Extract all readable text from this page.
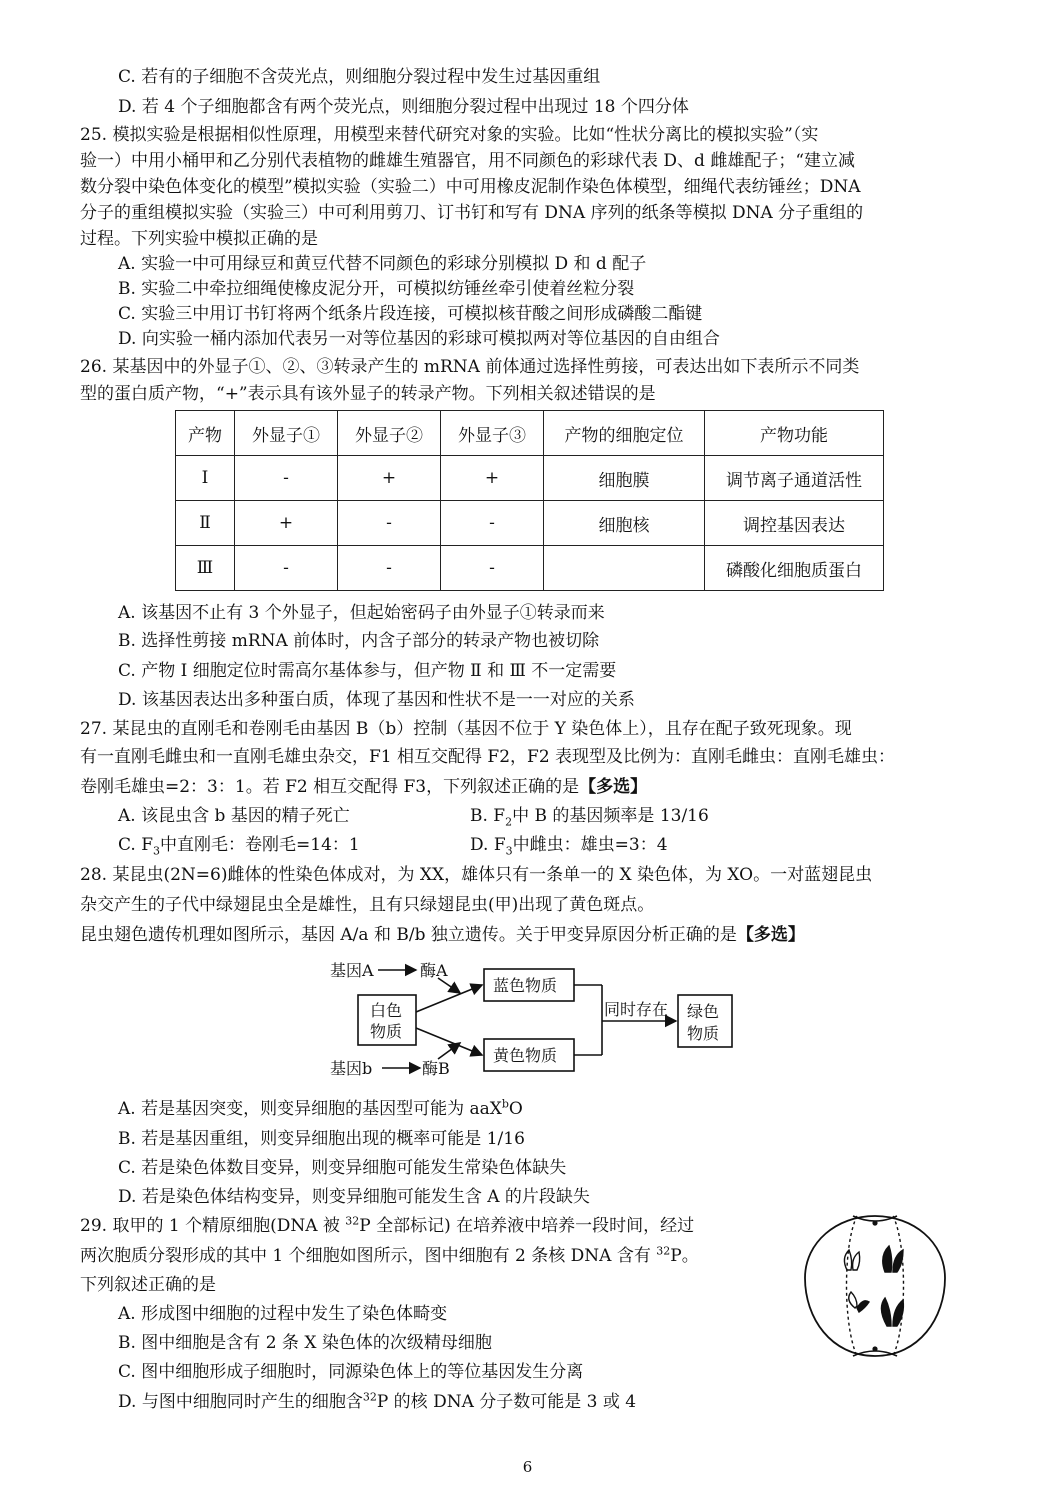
C. 若有的子细胞不含荧光点，则细胞分裂过程中发生过基因重组
D. 若 4 个子细胞都含有两个荧光点，则细胞分裂过程中出现过 18 个四分体
25. 模拟实验是根据相似性原理，用模型来替代研究对象的实验。比如“性状分离比的模拟实验”（实
验一）中用小桶甲和乙分别代表植物的雌雄生殖器官，用不同颜色的彩球代表 D、d 雌雄配子；“建立减
数分裂中染色体变化的模型”模拟实验（实验二）中可用橡皮泥制作染色体模型，细绳代表纺锤丝；DNA
分子的重组模拟实验（实验三）中可利用剪刀、订书钉和写有 DNA 序列的纸条等模拟 DNA 分子重组的
过程。下列实验中模拟正确的是
A. 实验一中可用绿豆和黄豆代替不同颜色的彩球分别模拟 D 和 d 配子
B. 实验二中牵拉细绳使橡皮泥分开，可模拟纺锤丝牵引使着丝粒分裂
C. 实验三中用订书钉将两个纸条片段连接，可模拟核苷酸之间形成磷酸二酯键
D. 向实验一桶内添加代表另一对等位基因的彩球可模拟两对等位基因的自由组合
26. 某基因中的外显子①、②、③转录产生的 mRNA 前体通过选择性剪接，可表达出如下表所示不同类
型的蛋白质产物，“+”表示具有该外显子的转录产物。下列相关叙述错误的是
产物	外显子①	外显子②	外显子③	产物的细胞定位	产物功能
Ⅰ	-	+	+	细胞膜	调节离子通道活性
Ⅱ	+	-	-	细胞核	调控基因表达
Ⅲ	-	-	-		磷酸化细胞质蛋白
A. 该基因不止有 3 个外显子，但起始密码子由外显子①转录而来
B. 选择性剪接 mRNA 前体时，内含子部分的转录产物也被切除
C. 产物 I 细胞定位时需高尔基体参与，但产物 Ⅱ 和 Ⅲ 不一定需要
D. 该基因表达出多种蛋白质，体现了基因和性状不是一一对应的关系
27. 某昆虫的直刚毛和卷刚毛由基因 B（b）控制（基因不位于 Y 染色体上），且存在配子致死现象。现
有一直刚毛雌虫和一直刚毛雄虫杂交，F1 相互交配得 F2，F2 表现型及比例为：直刚毛雌虫：直刚毛雄虫：
卷刚毛雄虫=2：3：1。若 F2 相互交配得 F3，下列叙述正确的是【多选】
A. 该昆虫含 b 基因的精子死亡	B. $F_2$中 B 的基因频率是 13/16
C. $F_3$中直刚毛：卷刚毛=14：1	D. $F_3$中雌虫：雄虫=3：4
28. 某昆虫(2N=6)雌体的性染色体成对，为 XX，雄体只有一条单一的 X 染色体，为 XO。一对蓝翅昆虫
杂交产生的子代中绿翅昆虫全是雄性，且有只绿翅昆虫(甲)出现了黄色斑点。
昆虫翅色遗传机理如图所示，基因 A/a 和 B/b 独立遗传。关于甲变异原因分析正确的是【多选】
基因A	酶A
基因b	酶B
白色
物质
蓝色物质
黄色物质
同时存在 绿色
物质
A. 若是基因突变，则变异细胞的基因型可能为 aaX$^b$O
B. 若是基因重组，则变异细胞出现的概率可能是 1/16
C. 若是染色体数目变异，则变异细胞可能发生常染色体缺失
D. 若是染色体结构变异，则变异细胞可能发生含 A 的片段缺失
29. 取甲的 1 个精原细胞(DNA 被 $^{32}$P 全部标记) 在培养液中培养一段时间，经过
两次胞质分裂形成的其中 1 个细胞如图所示，图中细胞有 2 条核 DNA 含有 $^{32}$P。
下列叙述正确的是
A. 形成图中细胞的过程中发生了染色体畸变
B. 图中细胞是含有 2 条 X 染色体的次级精母细胞
C. 图中细胞形成子细胞时，同源染色体上的等位基因发生分离
D. 与图中细胞同时产生的细胞含$^{32}$P 的核 DNA 分子数可能是 3 或 4
6
